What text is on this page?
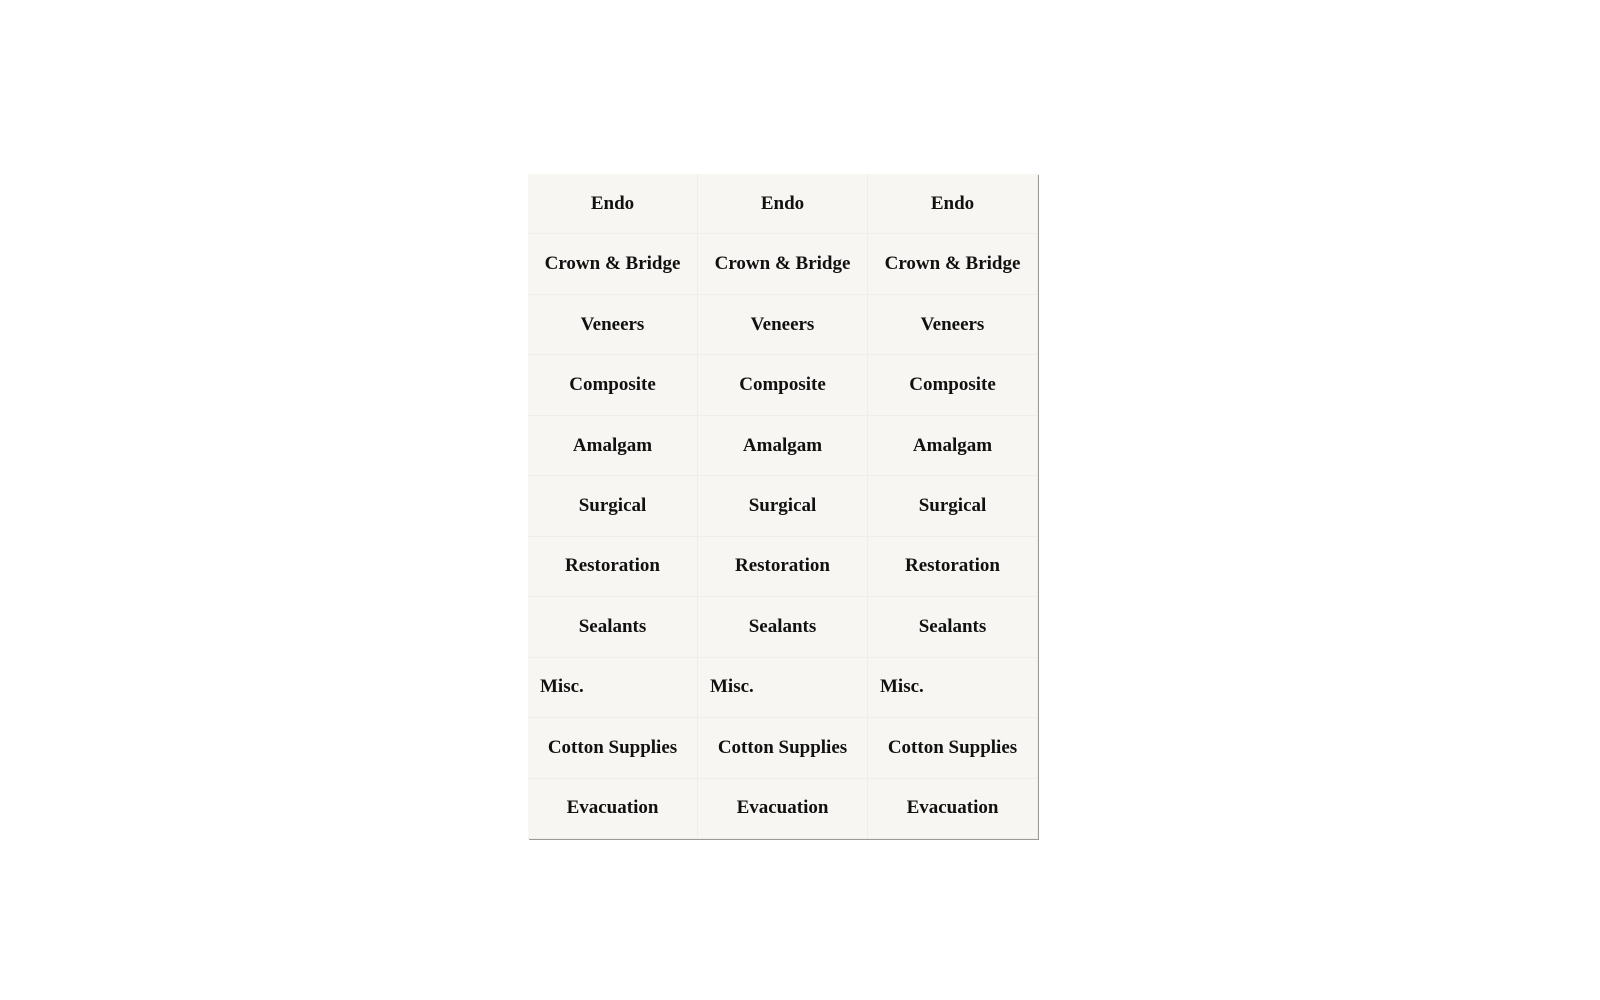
Endo	Endo	Endo
Crown & Bridge	Crown & Bridge	Crown & Bridge
Veneers	Veneers	Veneers
Composite	Composite	Composite
Amalgam	Amalgam	Amalgam
Surgical	Surgical	Surgical
Restoration	Restoration	Restoration
Sealants	Sealants	Sealants
Misc.	Misc.	Misc.
Cotton Supplies	Cotton Supplies	Cotton Supplies
Evacuation	Evacuation	Evacuation
